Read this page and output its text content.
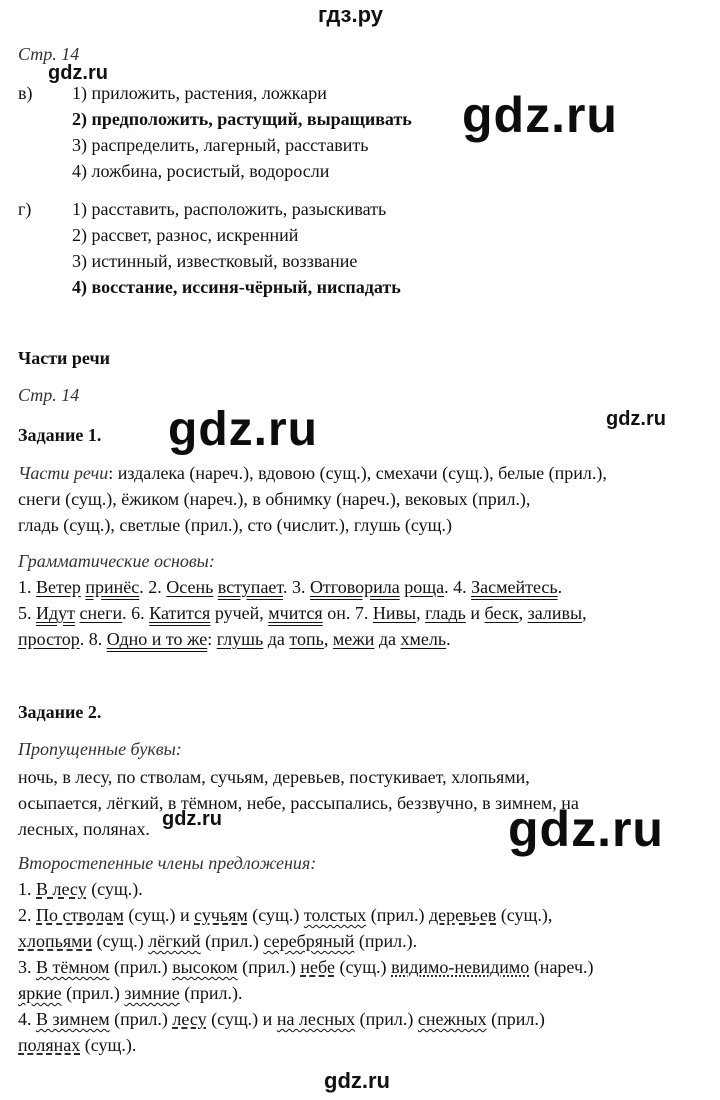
гдз.ру
Стр. 14
gdz.ru
в) 1) приложить, растения, ложкари
2) предположить, растущий, выращивать gdz.ru
3) распределить, лагерный, расставить
4) ложбина, росистый, водоросли
г) 1) расставить, расположить, разыскивать
2) рассвет, разнос, искренний
3) истинный, известковый, воззвание
4) восстание, иссиня-чёрный, ниспадать
Части речи
Стр. 14
gdz.ru	gdz.ru
Задание 1.
Части речи: издалека (нареч.), вдовою (сущ.), смехачи (сущ.), белые (прил.),
снеги (сущ.), ёжиком (нареч.), в обнимку (нареч.), вековых (прил.),
гладь (сущ.), светлые (прил.), сто (числит.), глушь (сущ.)
Грамматические основы:
1. Ветер принёс. 2. Осень вступает. 3. Отговорила роща. 4. Засмейтесь.
5. Идут снеги. 6. Катится ручей, мчится он. 7. Нивы, гладь и беск, заливы,
простор. 8. Одно и то же: глушь да топь, межи да хмель.
Задание 2.
Пропущенные буквы:
ночь, в лесу, по стволам, сучьям, деревьев, постукивает, хлопьями,
осыпается, лёгкий, в тёмном, небе, рассыпались, беззвучно, в зимнем, на
лесных, полянах. gdz.ru	gdz.ru
Второстепенные члены предложения:
1. В лесу (сущ.).
2. По стволам (сущ.) и сучьям (сущ.) толстых (прил.) деревьев (сущ.),
хлопьями (сущ.) лёгкий (прил.) серебряный (прил.).
3. В тёмном (прил.) высоком (прил.) небе (сущ.) видимо-невидимо (нареч.)
яркие (прил.) зимние (прил.).
4. В зимнем (прил.) лесу (сущ.) и на лесных (прил.) снежных (прил.)
полянах (сущ.).
gdz.ru
